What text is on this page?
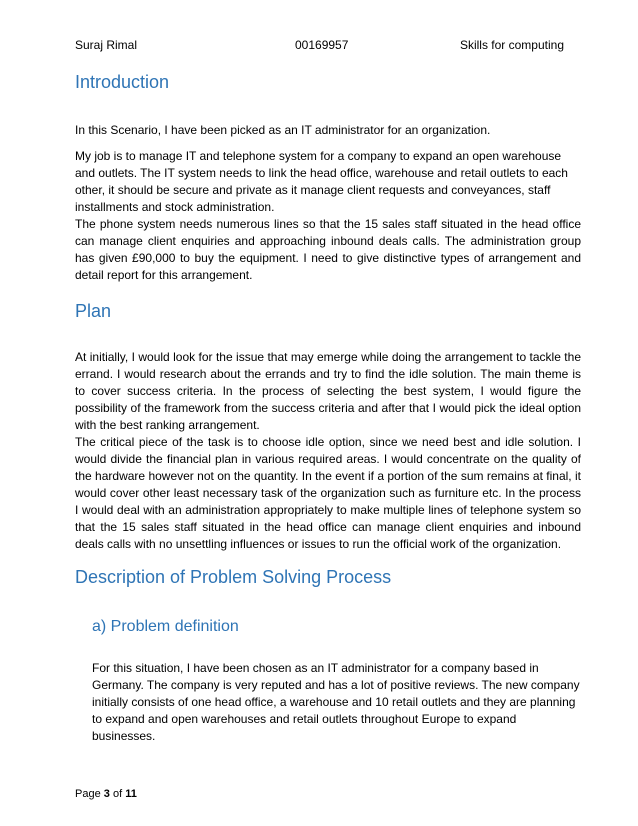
Suraj Rimal	00169957	Skills for computing
Introduction

In this Scenario, I have been picked as an IT administrator for an organization.

My job is to manage IT and telephone system for a company to expand an open warehouse and outlets. The IT system needs to link the head office, warehouse and retail outlets to each other, it should be secure and private as it manage client requests and conveyances, staff installments and stock administration.

The phone system needs numerous lines so that the 15 sales staff situated in the head office can manage client enquiries and approaching inbound deals calls. The administration group has given £90,000 to buy the equipment. I need to give distinctive types of arrangement and detail report for this arrangement.

Plan

At initially, I would look for the issue that may emerge while doing the arrangement to tackle the errand. I would research about the errands and try to find the idle solution. The main theme is to cover success criteria. In the process of selecting the best system, I would figure the possibility of the framework from the success criteria and after that I would pick the ideal option with the best ranking arrangement.

The critical piece of the task is to choose idle option, since we need best and idle solution. I would divide the financial plan in various required areas. I would concentrate on the quality of the hardware however not on the quantity. In the event if a portion of the sum remains at final, it would cover other least necessary task of the organization such as furniture etc. In the process I would deal with an administration appropriately to make multiple lines of telephone system so that the 15 sales staff situated in the head office can manage client enquiries and inbound deals calls with no unsettling influences or issues to run the official work of the organization.

Description of Problem Solving Process
a) Problem definition

For this situation, I have been chosen as an IT administrator for a company based in Germany. The company is very reputed and has a lot of positive reviews. The new company initially consists of one head office, a warehouse and 10 retail outlets and they are planning to expand and open warehouses and retail outlets throughout Europe to expand businesses.

Page 3 of 11
